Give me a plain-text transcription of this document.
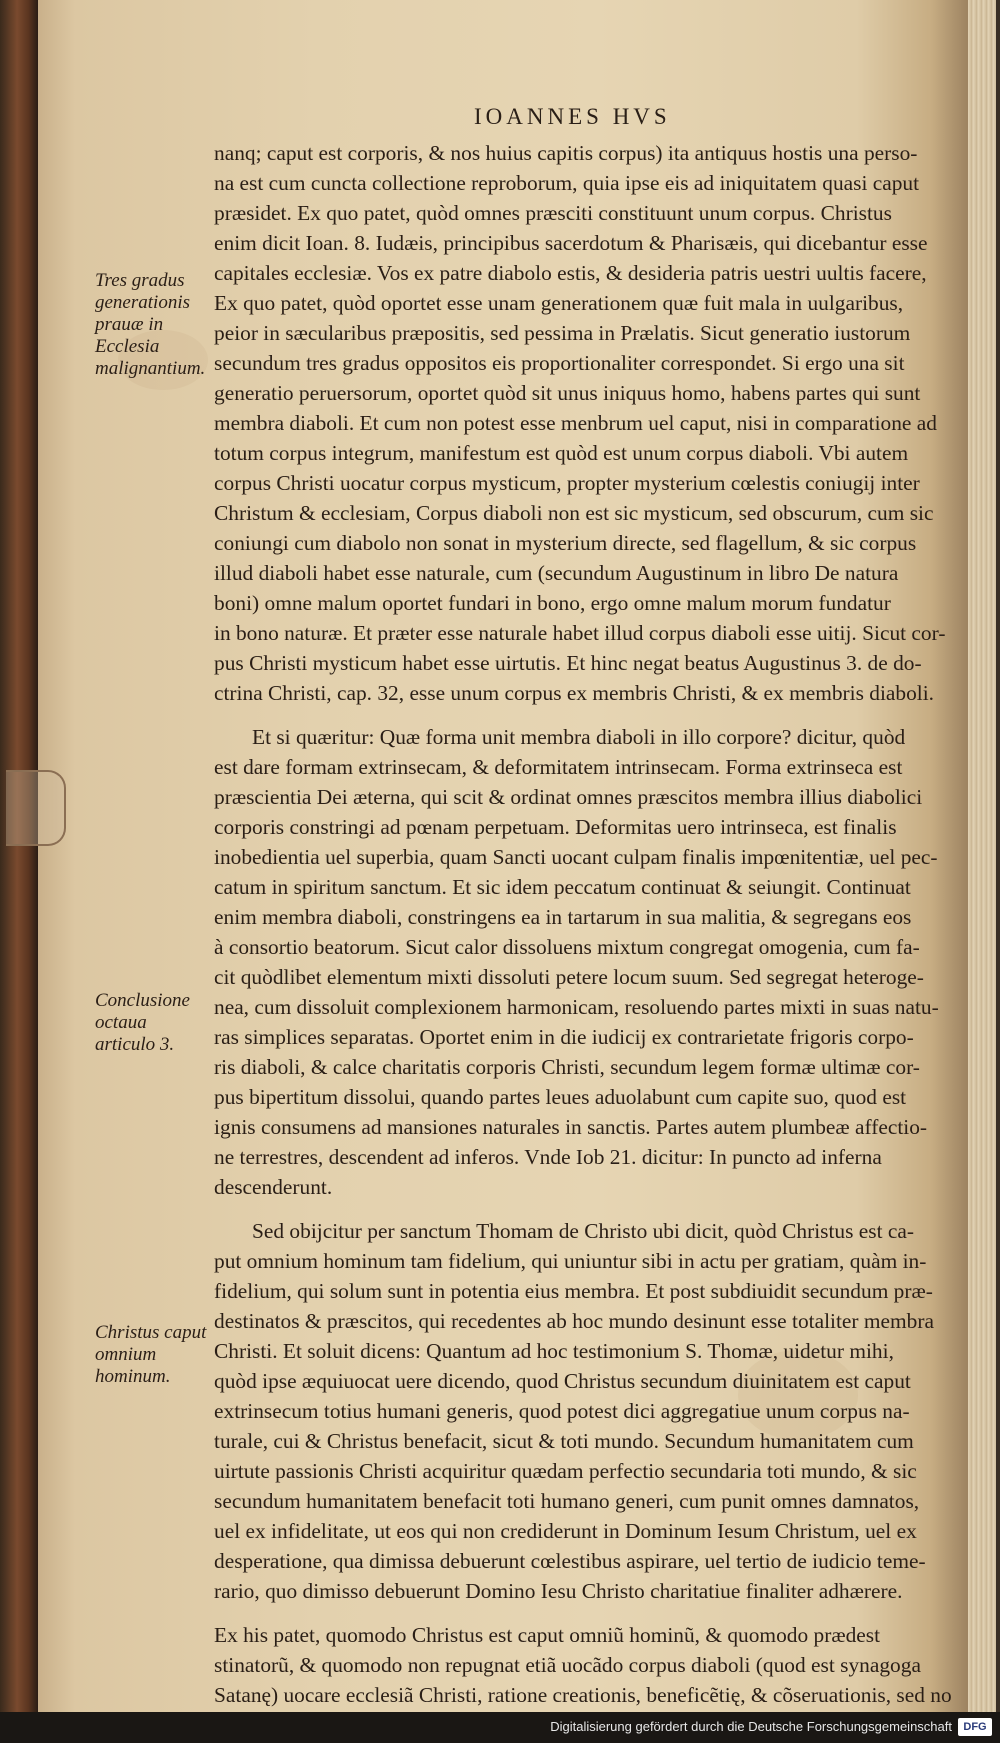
IOANNES HVS
Tres gradus generationis prauæ in Ecclesia malignantium.
Conclusione octaua articulo 3.
Christus caput omnium hominum.
nanq; caput est corporis, & nos huius capitis corpus) ita antiquus hostis una perso-
na est cum cuncta collectione reproborum, quia ipse eis ad iniquitatem quasi caput
præsidet. Ex quo patet, quòd omnes præsciti constituunt unum corpus. Christus
enim dicit Ioan. 8. Iudæis, principibus sacerdotum & Pharisæis, qui dicebantur esse
capitales ecclesiæ. Vos ex patre diabolo estis, & desideria patris uestri uultis facere,
Ex quo patet, quòd oportet esse unam generationem quæ fuit mala in uulgaribus,
peior in sæcularibus præpositis, sed pessima in Prælatis. Sicut generatio iustorum
secundum tres gradus oppositos eis proportionaliter correspondet. Si ergo una sit
generatio peruersorum, oportet quòd sit unus iniquus homo, habens partes qui sunt
membra diaboli. Et cum non potest esse menbrum uel caput, nisi in comparatione ad
totum corpus integrum, manifestum est quòd est unum corpus diaboli. Vbi autem
corpus Christi uocatur corpus mysticum, propter mysterium cœlestis coniugij inter
Christum & ecclesiam, Corpus diaboli non est sic mysticum, sed obscurum, cum sic
coniungi cum diabolo non sonat in mysterium directe, sed flagellum, & sic corpus
illud diaboli habet esse naturale, cum (secundum Augustinum in libro De natura
boni) omne malum oportet fundari in bono, ergo omne malum morum fundatur
in bono naturæ. Et præter esse naturale habet illud corpus diaboli esse uitij. Sicut cor-
pus Christi mysticum habet esse uirtutis. Et hinc negat beatus Augustinus 3. de do-
ctrina Christi, cap. 32, esse unum corpus ex membris Christi, & ex membris diaboli.
Et si quæritur: Quæ forma unit membra diaboli in illo corpore? dicitur, quòd
est dare formam extrinsecam, & deformitatem intrinsecam. Forma extrinseca est
præscientia Dei æterna, qui scit & ordinat omnes præscitos membra illius diabolici
corporis constringi ad pœnam perpetuam. Deformitas uero intrinseca, est finalis
inobedientia uel superbia, quam Sancti uocant culpam finalis impœnitentiæ, uel pec-
catum in spiritum sanctum. Et sic idem peccatum continuat & seiungit. Continuat
enim membra diaboli, constringens ea in tartarum in sua malitia, & segregans eos
à consortio beatorum. Sicut calor dissoluens mixtum congregat omogenia, cum fa-
cit quòdlibet elementum mixti dissoluti petere locum suum. Sed segregat heteroge-
nea, cum dissoluit complexionem harmonicam, resoluendo partes mixti in suas natu-
ras simplices separatas. Oportet enim in die iudicij ex contrarietate frigoris corpo-
ris diaboli, & calce charitatis corporis Christi, secundum legem formæ ultimæ cor-
pus bipertitum dissolui, quando partes leues aduolabunt cum capite suo, quod est
ignis consumens ad mansiones naturales in sanctis. Partes autem plumbeæ affectio-
ne terrestres, descendent ad inferos. Vnde Iob 21. dicitur: In puncto ad inferna
descenderunt.
Sed obijcitur per sanctum Thomam de Christo ubi dicit, quòd Christus est ca-
put omnium hominum tam fidelium, qui uniuntur sibi in actu per gratiam, quàm in-
fidelium, qui solum sunt in potentia eius membra. Et post subdiuidit secundum præ-
destinatos & præscitos, qui recedentes ab hoc mundo desinunt esse totaliter membra
Christi. Et soluit dicens: Quantum ad hoc testimonium S. Thomæ, uidetur mihi,
quòd ipse æquiuocat uere dicendo, quod Christus secundum diuinitatem est caput
extrinsecum totius humani generis, quod potest dici aggregatiue unum corpus na-
turale, cui & Christus benefacit, sicut & toti mundo. Secundum humanitatem cum
uirtute passionis Christi acquiritur quædam perfectio secundaria toti mundo, & sic
secundum humanitatem benefacit toti humano generi, cum punit omnes damnatos,
uel ex infidelitate, ut eos qui non crediderunt in Dominum Iesum Christum, uel ex
desperatione, qua dimissa debuerunt cœlestibus aspirare, uel tertio de iudicio teme-
rario, quo dimisso debuerunt Domino Iesu Christo charitatiue finaliter adhærere.
Ex his patet, quomodo Christus est caput omniũ hominũ, & quomodo prædest
stinatorũ, & quomodo non repugnat etiã uocãdo corpus diaboli (quod est synagoga
Satanę) uocare ecclesiã Christi, ratione creationis, beneficẽtię, & cõseruationis, sed no
Digitalisierung gefördert durch die Deutsche Forschungsgemeinschaft	DFG
